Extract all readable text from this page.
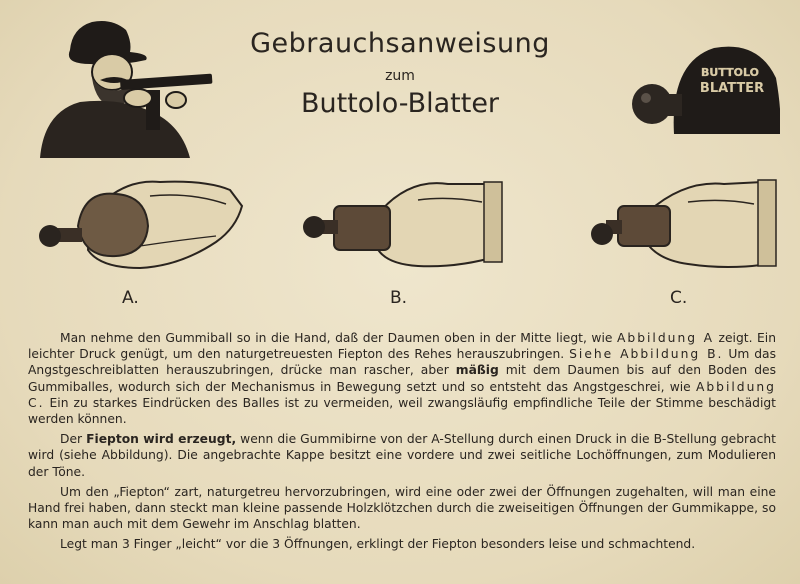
Gebrauchsanweisung
zum
Buttolo-Blatter
BUTTOLO
BLATTER
A.	B.	C.

Man nehme den Gummiball so in die Hand, daß der Daumen oben in der Mitte liegt, wie Abbildung A zeigt. Ein leichter Druck genügt, um den naturgetreuesten Fiepton des Rehes herauszubringen. Siehe Abbildung B. Um das Angstgeschreiblatten herauszubringen, drücke man rascher, aber mäßig mit dem Daumen bis auf den Boden des Gummiballes, wodurch sich der Mechanismus in Bewegung setzt und so entsteht das Angstgeschrei, wie Abbildung C. Ein zu starkes Eindrücken des Balles ist zu vermeiden, weil zwangsläufig empfindliche Teile der Stimme beschädigt werden können.

Der Fiepton wird erzeugt, wenn die Gummibirne von der A-Stellung durch einen Druck in die B-Stellung gebracht wird (siehe Abbildung). Die angebrachte Kappe besitzt eine vordere und zwei seitliche Lochöffnungen, zum Modulieren der Töne.

Um den „Fiepton“ zart, naturgetreu hervorzubringen, wird eine oder zwei der Öffnungen zugehalten, will man eine Hand frei haben, dann steckt man kleine passende Holzklötzchen durch die zweiseitigen Öffnungen der Gummikappe, so kann man auch mit dem Gewehr im Anschlag blatten.

Legt man 3 Finger „leicht“ vor die 3 Öffnungen, erklingt der Fiepton besonders leise und schmachtend.
